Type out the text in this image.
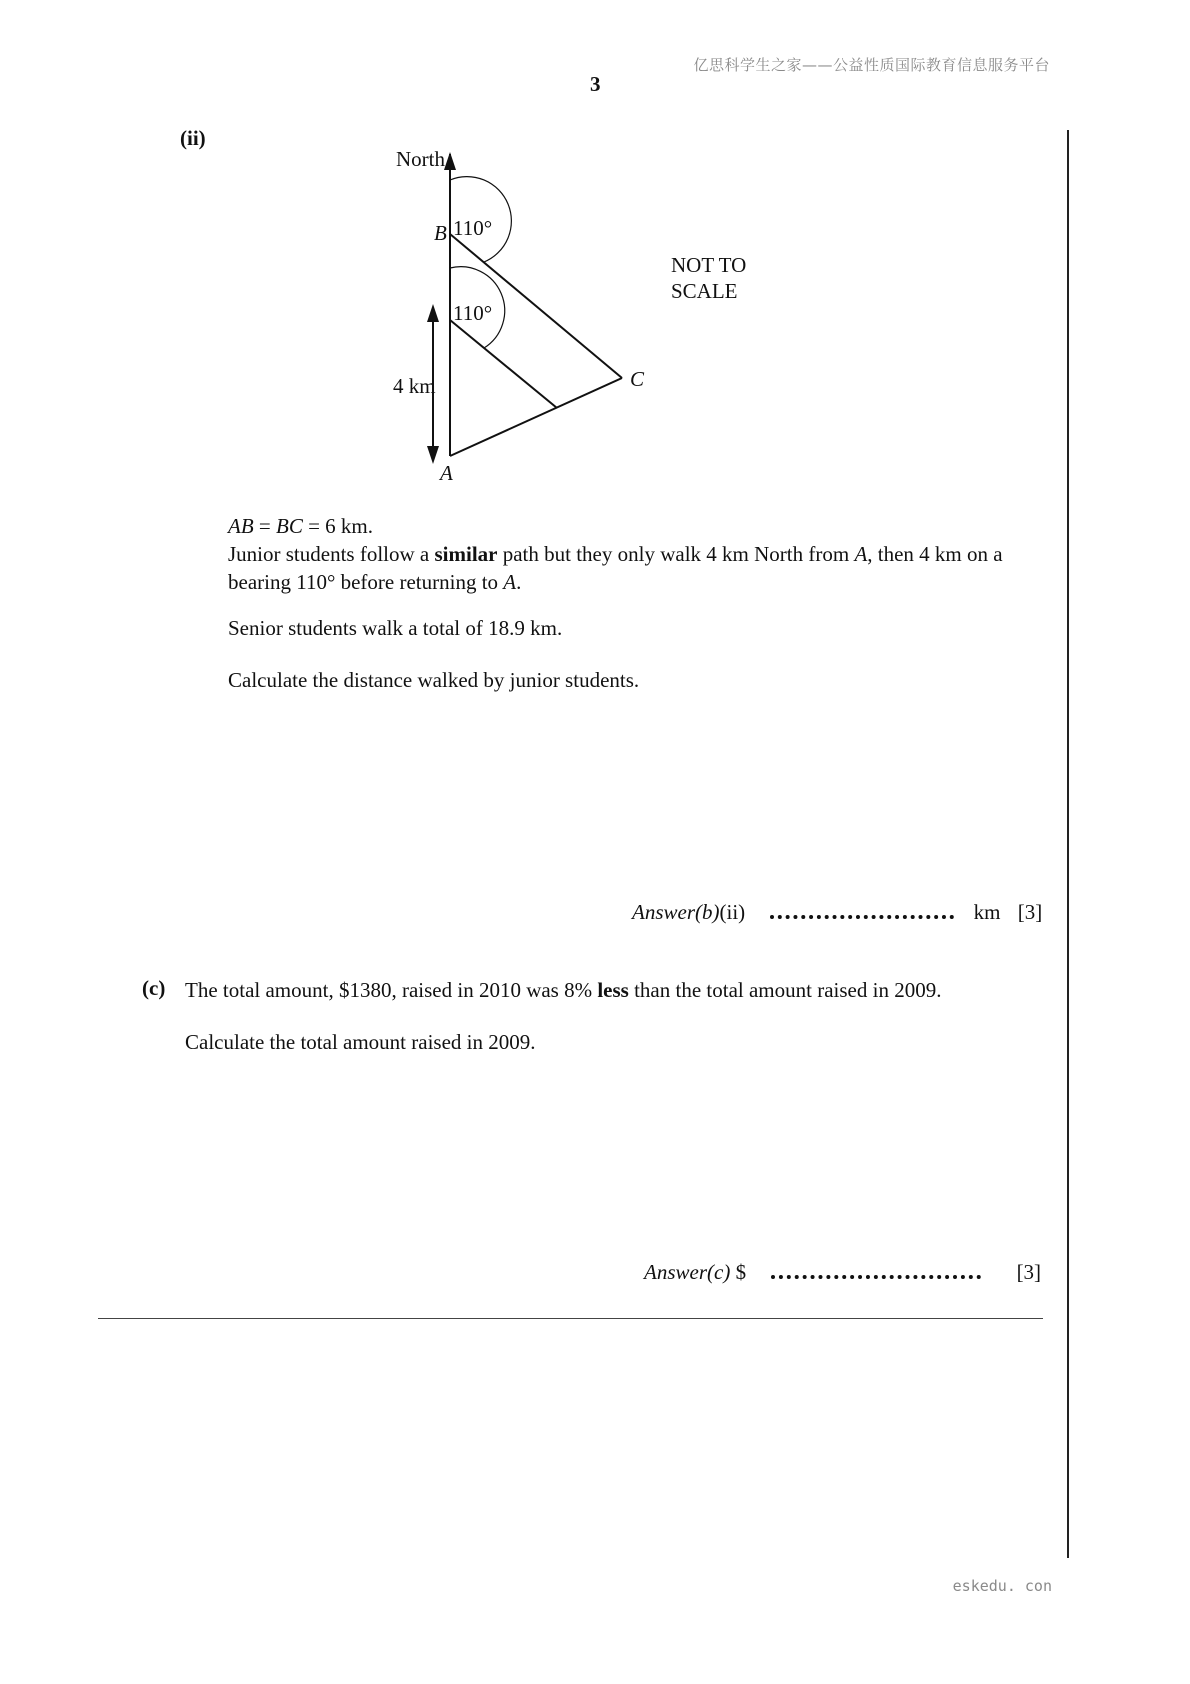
亿思科学生之家——公益性质国际教育信息服务平台
3
(ii)
North
B 110°
110°
C
4 km
A
NOT TO
SCALE
AB = BC = 6 km.
Junior students follow a similar path but they only walk 4 km North from A, then 4 km on a bearing 110° before returning to A.
Senior students walk a total of 18.9 km.
Calculate the distance walked by junior students.
Answer(b)(ii)	km [3]
(c) The total amount, $1380, raised in 2010 was 8% less than the total amount raised in 2009.
Calculate the total amount raised in 2009.
Answer(c) $	[3]
eskedu. con
